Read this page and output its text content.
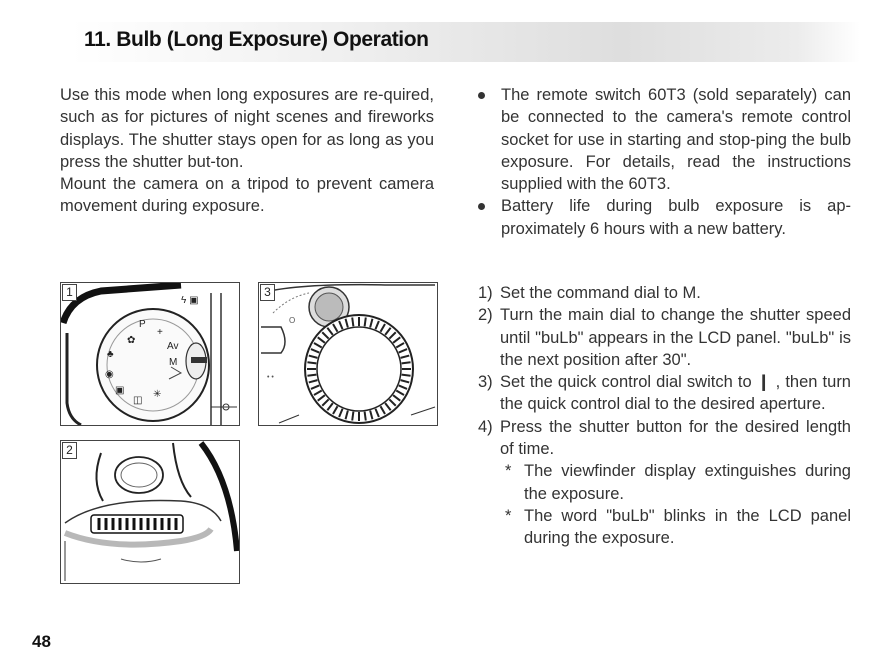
11. Bulb (Long Exposure) Operation

Use this mode when long exposures are re-quired, such as for pictures of night scenes and fireworks displays. The shutter stays open for as long as you press the shutter but-ton.

Mount the camera on a tripod to prevent camera movement during exposure.

The remote switch 60T3 (sold separately) can be connected to the camera's remote control socket for use in starting and stop-ping the bulb exposure. For details, read the instructions supplied with the 60T3.
Battery life during bulb exposure is ap-proximately 6 hours with a new battery.
1) Set the command dial to M.
2) Turn the main dial to change the shutter speed until "buLb" appears in the LCD panel. "buLb" is the next position after 30".
3) Set the quick control dial switch to ❙ , then turn the quick control dial to the desired aperture.
4) Press the shutter button for the desired length of time.
* The viewfinder display extinguishes during the exposure.
* The word "buLb" blinks in the LCD panel during the exposure.
P
+
Av
M
✿
♣
◉
▣
◫
✳
ϟ ▣
1
O
• •
3
2
48
